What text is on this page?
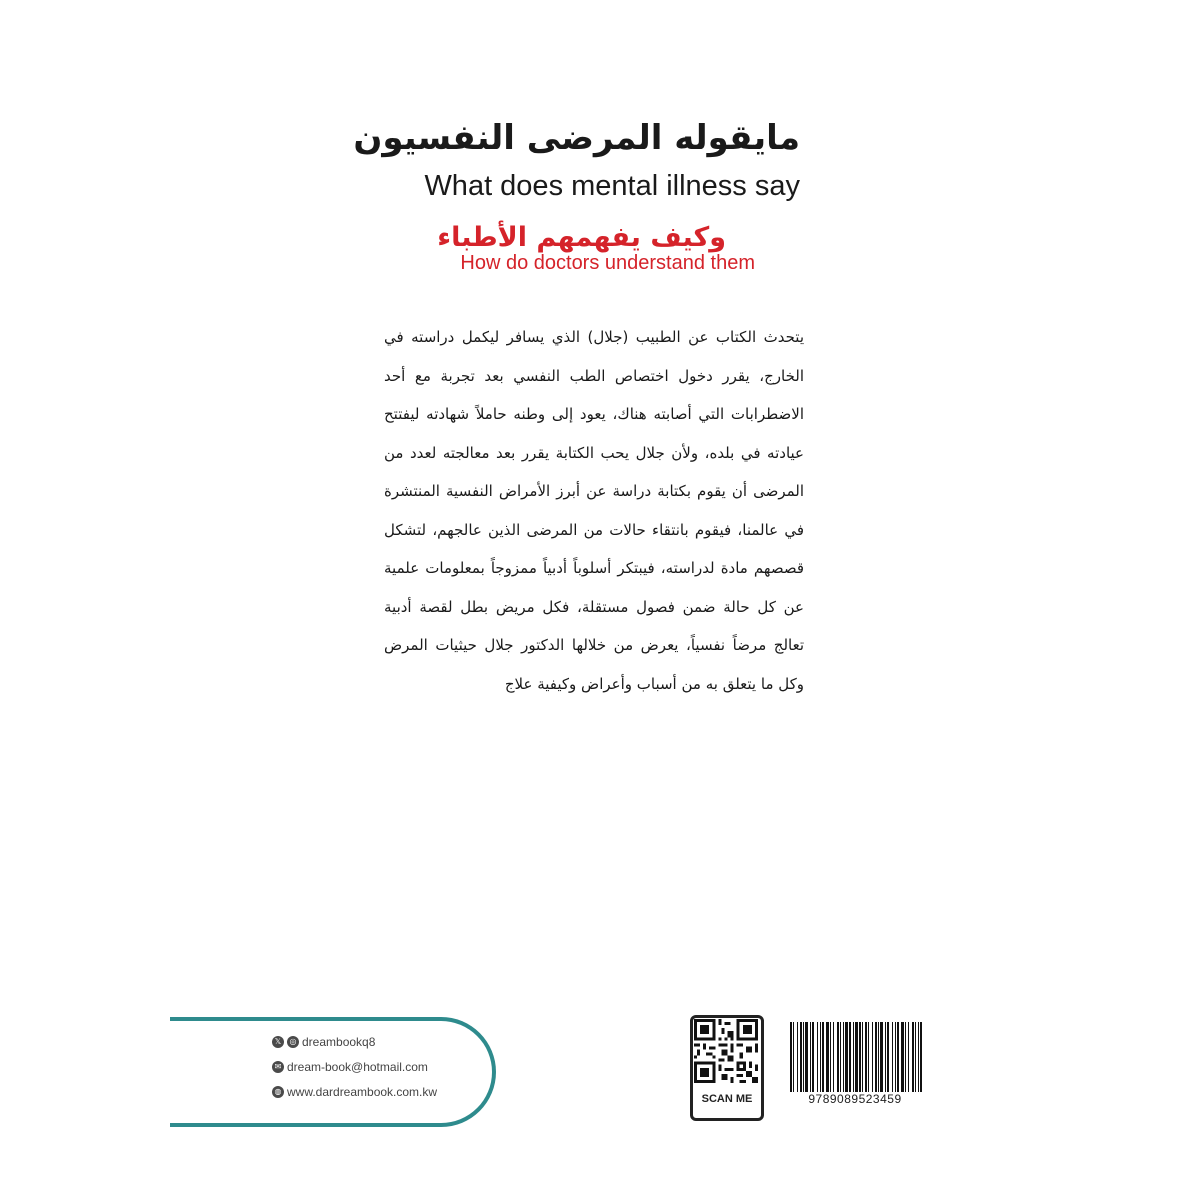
مايقوله المرضى النفسيون
What does mental illness say
وكيف يفهمهم الأطباء
How do doctors understand them
يتحدث الكتاب عن الطبيب (جلال) الذي يسافر ليكمل دراسته في الخارج، يقرر دخول اختصاص الطب النفسي بعد تجربة مع أحد الاضطرابات التي أصابته هناك، يعود إلى وطنه حاملاً شهادته ليفتتح عيادته في بلده، ولأن جلال يحب الكتابة يقرر بعد معالجته لعدد من المرضى أن يقوم بكتابة دراسة عن أبرز الأمراض النفسية المنتشرة في عالمنا، فيقوم بانتقاء حالات من المرضى الذين عالجهم، لتشكل قصصهم مادة لدراسته، فيبتكر أسلوباً أدبياً ممزوجاً بمعلومات علمية عن كل حالة ضمن فصول مستقلة، فكل مريض بطل لقصة أدبية تعالج مرضاً نفسياً، يعرض من خلالها الدكتور جلال حيثيات المرض وكل ما يتعلق به من أسباب وأعراض وكيفية علاج
𝕏	◎ dreambookq8
✉ dream-book@hotmail.com
◍ www.dardreambook.com.kw	SCAN ME	9789089523459
